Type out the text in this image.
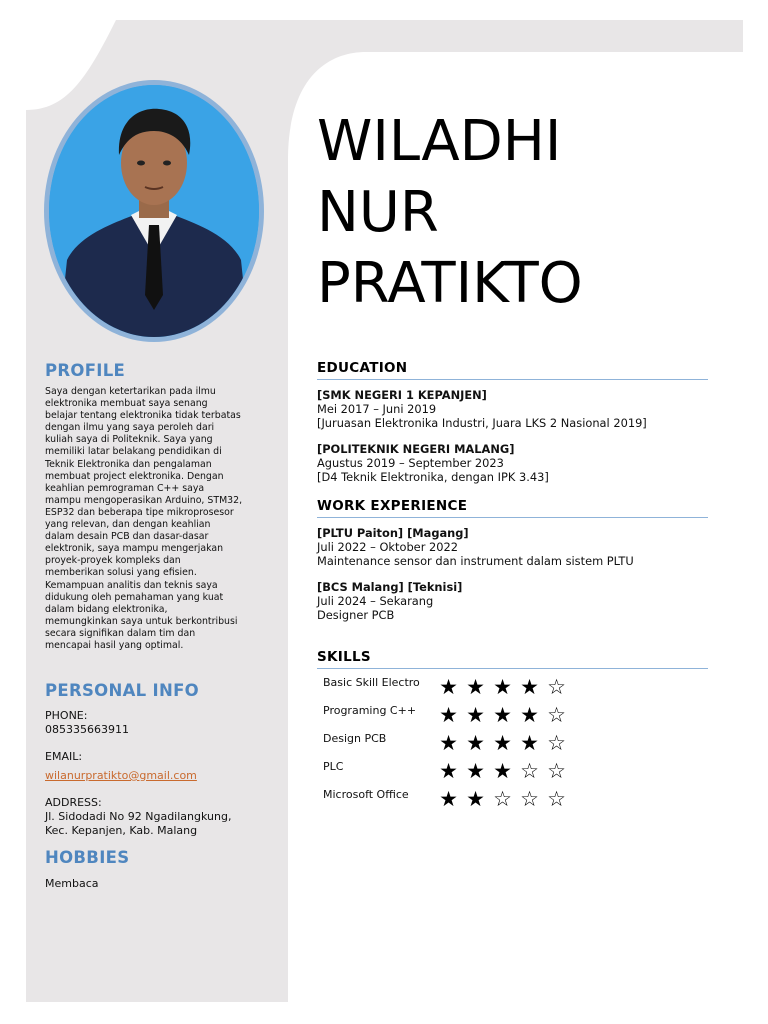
PROFILE
Saya dengan ketertarikan pada ilmu
elektronika membuat saya senang
belajar tentang elektronika tidak terbatas
dengan ilmu yang saya peroleh dari
kuliah saya di Politeknik. Saya yang
memiliki latar belakang pendidikan di
Teknik Elektronika dan pengalaman
membuat project elektronika. Dengan
keahlian pemrograman C++ saya
mampu mengoperasikan Arduino, STM32,
ESP32 dan beberapa tipe mikroprosesor
yang relevan, dan dengan keahlian
dalam desain PCB dan dasar-dasar
elektronik, saya mampu mengerjakan
proyek-proyek kompleks dan
memberikan solusi yang efisien.
Kemampuan analitis dan teknis saya
didukung oleh pemahaman yang kuat
dalam bidang elektronika,
memungkinkan saya untuk berkontribusi
secara signifikan dalam tim dan
mencapai hasil yang optimal.
PERSONAL INFO
PHONE:
085335663911
EMAIL:
wilanurpratikto@gmail.com
ADDRESS:
Jl. Sidodadi No 92 Ngadilangkung,
Kec. Kepanjen, Kab. Malang
HOBBIES
Membaca
WILADHI
NUR
PRATIKTO
EDUCATION
[SMK NEGERI 1 KEPANJEN]
Mei 2017 – Juni 2019
[Juruasan Elektronika Industri, Juara LKS 2 Nasional 2019]
[POLITEKNIK NEGERI MALANG]
Agustus 2019 – September 2023
[D4 Teknik Elektronika, dengan IPK 3.43]
WORK EXPERIENCE
[PLTU Paiton] [Magang]
Juli 2022 – Oktober 2022
Maintenance sensor dan instrument dalam sistem PLTU
[BCS Malang] [Teknisi]
Juli 2024 – Sekarang
Designer PCB
SKILLS
Basic Skill Electro ★ ★ ★ ★ ☆
Programing C++	★ ★ ★ ★ ☆
Design PCB	★ ★ ★ ★ ☆
PLC	★ ★ ★ ☆ ☆
Microsoft Office	★ ★ ☆ ☆ ☆
